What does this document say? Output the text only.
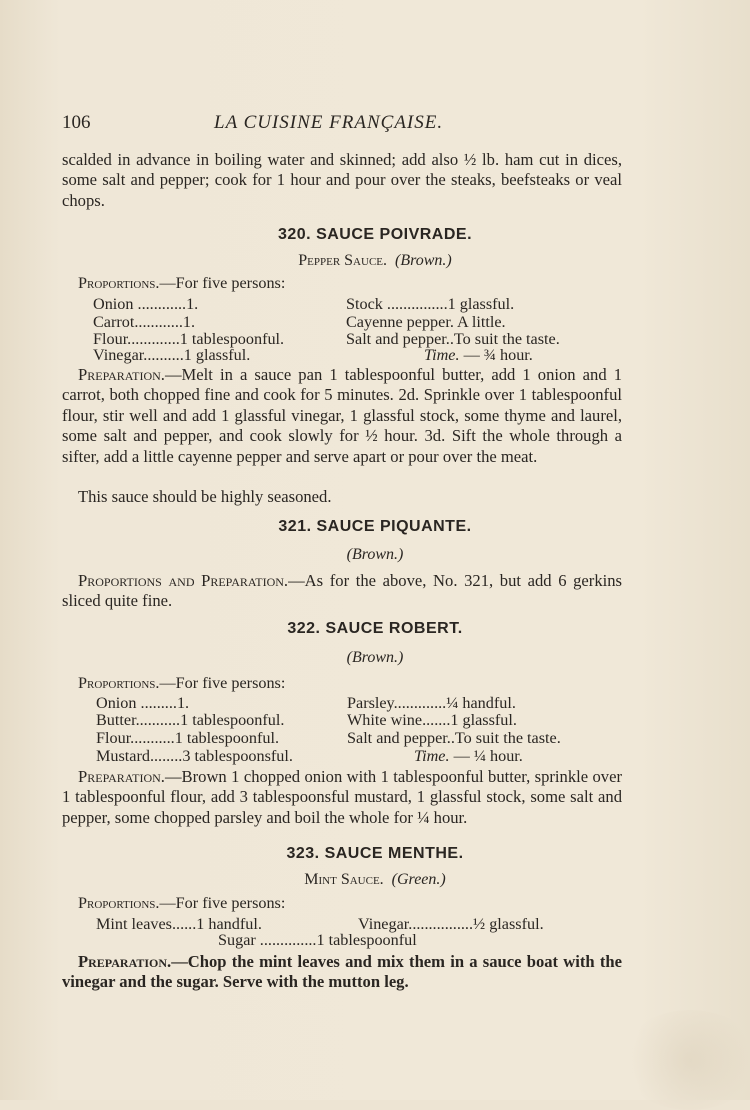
106	LA CUISINE FRANÇAISE.
scalded in advance in boiling water and skinned; add also ½ lb. ham cut in dices, some salt and pepper; cook for 1 hour and pour over the steaks, beefsteaks or veal chops.
320. SAUCE POIVRADE.
Pepper Sauce. (Brown.)
Proportions.—For five persons:
Onion ............1.
Carrot............1.
Flour.............1 tablespoonful.
Vinegar..........1 glassful.
Stock ...............1 glassful.
Cayenne pepper. A little.
Salt and pepper..To suit the taste.
Time. — ¾ hour.
Preparation.—Melt in a sauce pan 1 tablespoonful butter, add 1 onion and 1 carrot, both chopped fine and cook for 5 minutes. 2d. Sprinkle over 1 tablespoonful flour, stir well and add 1 glassful vinegar, 1 glassful stock, some thyme and laurel, some salt and pepper, and cook slowly for ½ hour. 3d. Sift the whole through a sifter, add a little cayenne pepper and serve apart or pour over the meat.
This sauce should be highly seasoned.
321. SAUCE PIQUANTE.
(Brown.)
Proportions and Preparation.—As for the above, No. 321, but add 6 gerkins sliced quite fine.
322. SAUCE ROBERT.
(Brown.)
Proportions.—For five persons:
Onion .........1.
Butter...........1 tablespoonful.
Flour...........1 tablespoonful.
Mustard........3 tablespoonsful.
Parsley.............¼ handful.
White wine.......1 glassful.
Salt and pepper..To suit the taste.
Time. — ¼ hour.
Preparation.—Brown 1 chopped onion with 1 tablespoonful butter, sprinkle over 1 tablespoonful flour, add 3 tablespoonsful mustard, 1 glassful stock, some salt and pepper, some chopped parsley and boil the whole for ¼ hour.
323. SAUCE MENTHE.
Mint Sauce. (Green.)
Proportions.—For five persons:
Mint leaves......1 handful.	Vinegar................½ glassful.
Sugar ..............1 tablespoonful
Preparation.—Chop the mint leaves and mix them in a sauce boat with the vinegar and the sugar. Serve with the mutton leg.
